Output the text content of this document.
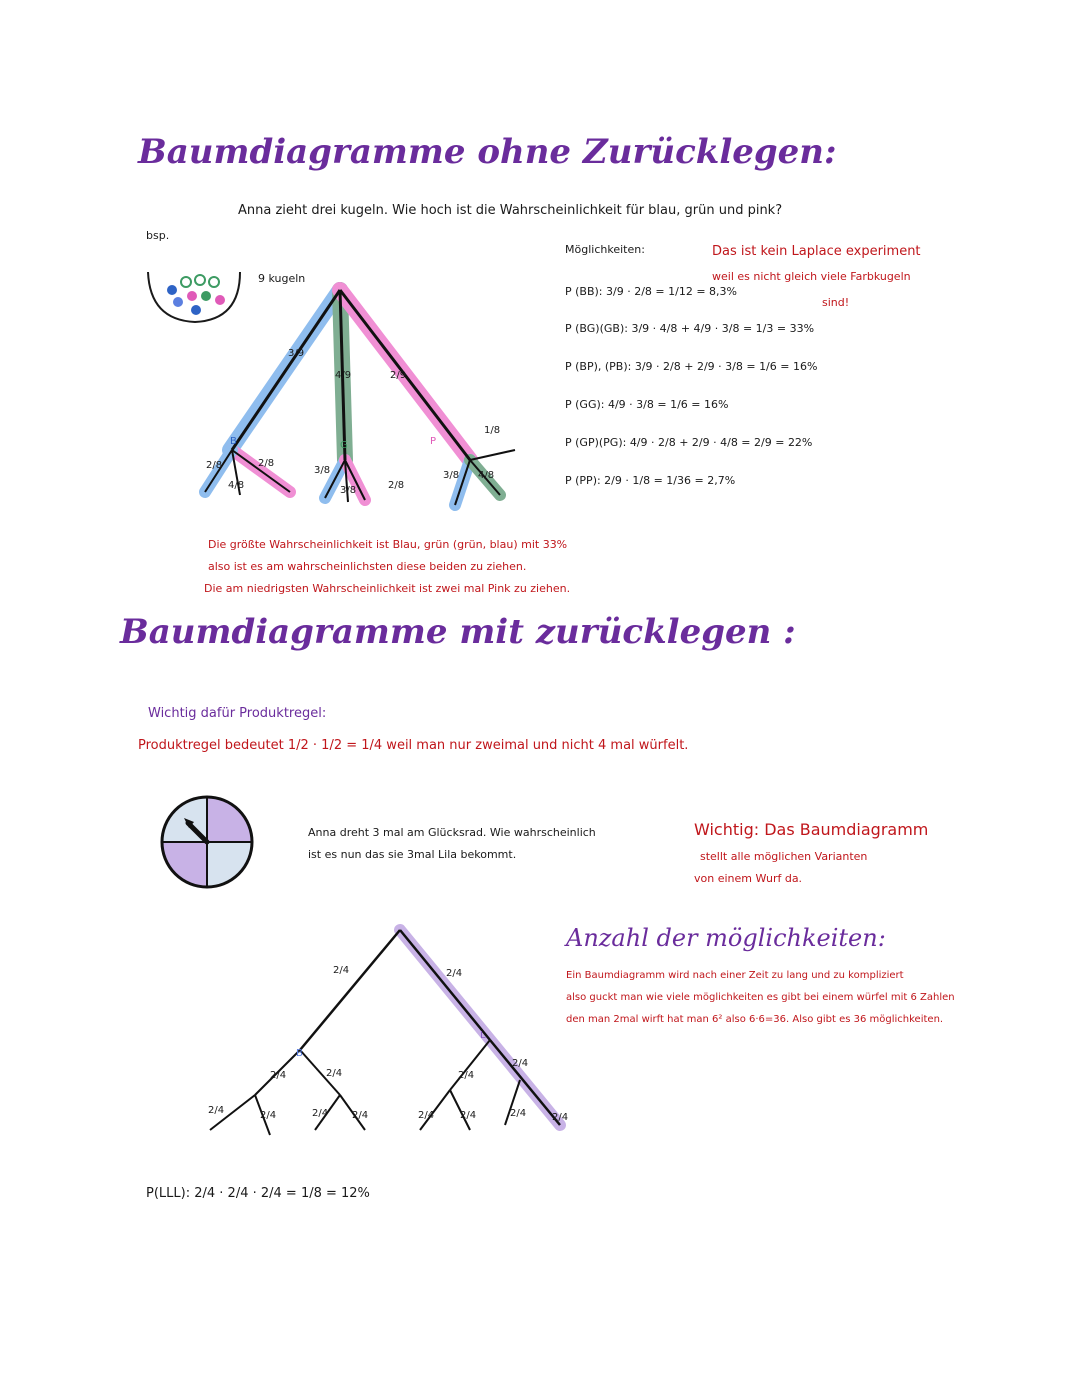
Baumdiagramme ohne Zurücklegen:
Anna zieht drei kugeln. Wie hoch ist die Wahrscheinlichkeit für blau, grün und pink?
bsp.
9 kugeln
3/9
4/9	2/9
B	G	P
2/8
4/8
2/8
3/8
3/8	2/8
3/8 4/8
1/8
Möglichkeiten:
P (BB): 3/9 · 2/8 = 1/12 = 8,3%
P (BG)(GB): 3/9 · 4/8 + 4/9 · 3/8 = 1/3 = 33%
P (BP), (PB): 3/9 · 2/8 + 2/9 · 3/8 = 1/6 = 16%
P (GG): 4/9 · 3/8 = 1/6 = 16%
P (GP)(PG): 4/9 · 2/8 + 2/9 · 4/8 = 2/9 = 22%
P (PP): 2/9 · 1/8 = 1/36 = 2,7%
Das ist kein Laplace experiment
weil es nicht gleich viele Farbkugeln
sind!
Die größte Wahrscheinlichkeit ist Blau, grün (grün, blau) mit 33%
also ist es am wahrscheinlichsten diese beiden zu ziehen.
Die am niedrigsten Wahrscheinlichkeit ist zwei mal Pink zu ziehen.
Baumdiagramme mit zurücklegen :
Wichtig dafür Produktregel:
Produktregel bedeutet 1/2 · 1/2 = 1/4 weil man nur zweimal und nicht 4 mal würfelt.
Anna dreht 3 mal am Glücksrad. Wie wahrscheinlich
ist es nun das sie 3mal Lila bekommt.
Wichtig: Das Baumdiagramm
stellt alle möglichen Varianten
von einem Wurf da.
Anzahl der möglichkeiten:
Ein Baumdiagramm wird nach einer Zeit zu lang und zu kompliziert
also guckt man wie viele möglichkeiten es gibt bei einem würfel mit 6 Zahlen
den man 2mal wirft hat man 6² also 6·6=36. Also gibt es 36 möglichkeiten.
2/4	2/4
B
L
2/4	2/4	2/4
2/4
2/4	2/4	2/4 2/4	2/4	2/4	2/4	2/4
P(LLL): 2/4 · 2/4 · 2/4 = 1/8 = 12%
